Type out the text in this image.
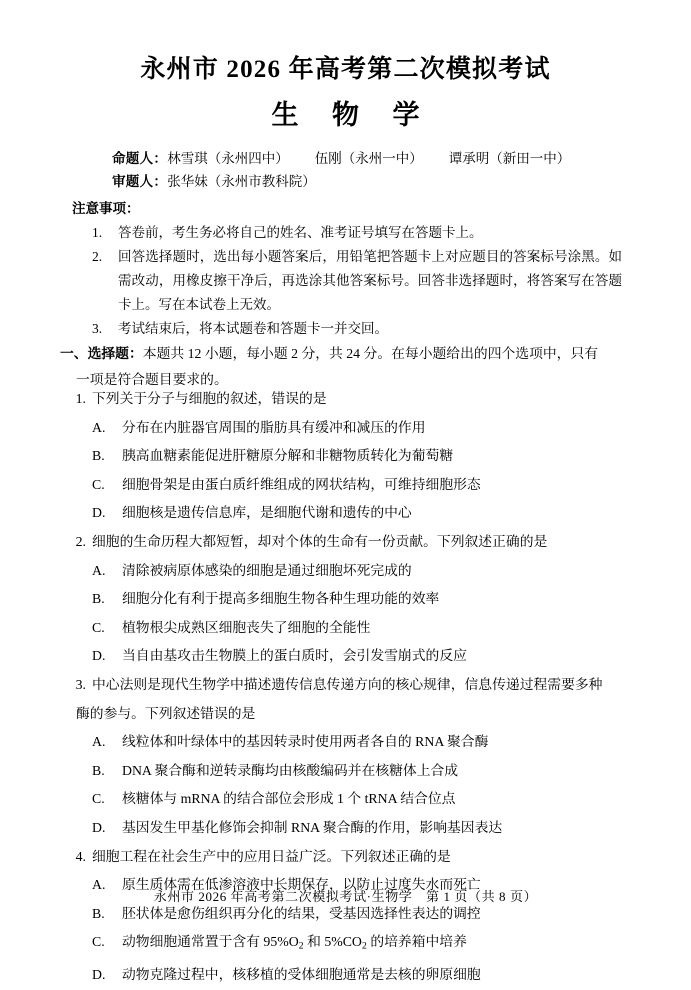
永州市 2026 年高考第二次模拟考试
生 物 学
命题人：林雪琪（永州四中） 伍刚（永州一中） 谭承明（新田一中）
审题人：张华妹（永州市教科院）
注意事项：
1.	答卷前，考生务必将自己的姓名、准考证号填写在答题卡上。
2.	回答选择题时，选出每小题答案后，用铅笔把答题卡上对应题目的答案标号涂黑。如需改动，用橡皮擦干净后，再选涂其他答案标号。回答非选择题时，将答案写在答题卡上。写在本试卷上无效。
3.	考试结束后，将本试题卷和答题卡一并交回。
一、选择题：本题共 12 小题，每小题 2 分，共 24 分。在每小题给出的四个选项中，只有
一项是符合题目要求的。
1. 下列关于分子与细胞的叙述，错误的是
A.	分布在内脏器官周围的脂肪具有缓冲和减压的作用
B.	胰高血糖素能促进肝糖原分解和非糖物质转化为葡萄糖
C.	细胞骨架是由蛋白质纤维组成的网状结构，可维持细胞形态
D.	细胞核是遗传信息库，是细胞代谢和遗传的中心
2. 细胞的生命历程大都短暂，却对个体的生命有一份贡献。下列叙述正确的是
A.	清除被病原体感染的细胞是通过细胞坏死完成的
B.	细胞分化有利于提高多细胞生物各种生理功能的效率
C.	植物根尖成熟区细胞丧失了细胞的全能性
D.	当自由基攻击生物膜上的蛋白质时，会引发雪崩式的反应
3. 中心法则是现代生物学中描述遗传信息传递方向的核心规律，信息传递过程需要多种
酶的参与。下列叙述错误的是
A.	线粒体和叶绿体中的基因转录时使用两者各自的 RNA 聚合酶
B.	DNA 聚合酶和逆转录酶均由核酸编码并在核糖体上合成
C.	核糖体与 mRNA 的结合部位会形成 1 个 tRNA 结合位点
D.	基因发生甲基化修饰会抑制 RNA 聚合酶的作用，影响基因表达
4. 细胞工程在社会生产中的应用日益广泛。下列叙述正确的是
A.	原生质体需在低渗溶液中长期保存，以防止过度失水而死亡
B.	胚状体是愈伤组织再分化的结果，受基因选择性表达的调控
C.	动物细胞通常置于含有 $95\%O_2$ 和 $5\%CO_2$ 的培养箱中培养
D.	动物克隆过程中，核移植的受体细胞通常是去核的卵原细胞
永州市 2026 年高考第二次模拟考试·生物学　第 1 页（共 8 页）
